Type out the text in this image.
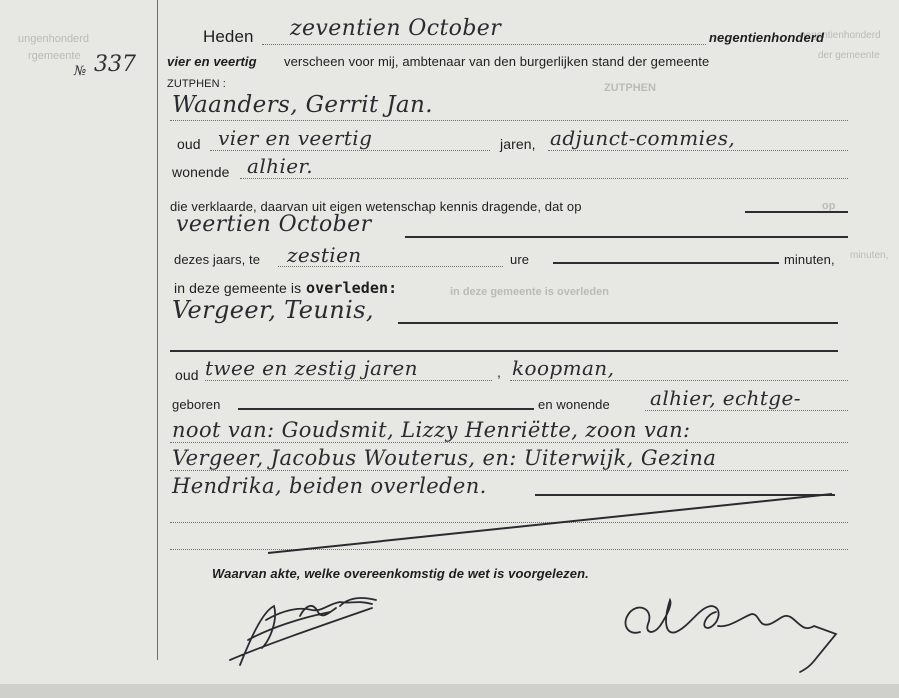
ungenhonderd
rgemeente
negentienhonderd
der gemeente
ZUTPHEN
op
minuten,
in deze gemeente is overleden
№ 337
Heden zeventien October	negentienhonderd
vier en veertig verscheen voor mij, ambtenaar van den burgerlijken stand der gemeente
ZUTPHEN :
Waanders, Gerrit Jan.
oud vier en veertig	jaren, adjunct-commies,
wonende alhier.
die verklaarde, daarvan uit eigen wetenschap kennis dragende, dat op
veertien October
dezes jaars, te zestien	ure	minuten,
in deze gemeente is overleden:
Vergeer, Teunis,
oud twee en zestig jaren	, koopman,
geboren	en wonende alhier, echtge-
noot van: Goudsmit, Lizzy Henriëtte, zoon van:
Vergeer, Jacobus Wouterus, en: Uiterwijk, Gezina
Hendrika, beiden overleden.
Waarvan akte, welke overeenkomstig de wet is voorgelezen.
